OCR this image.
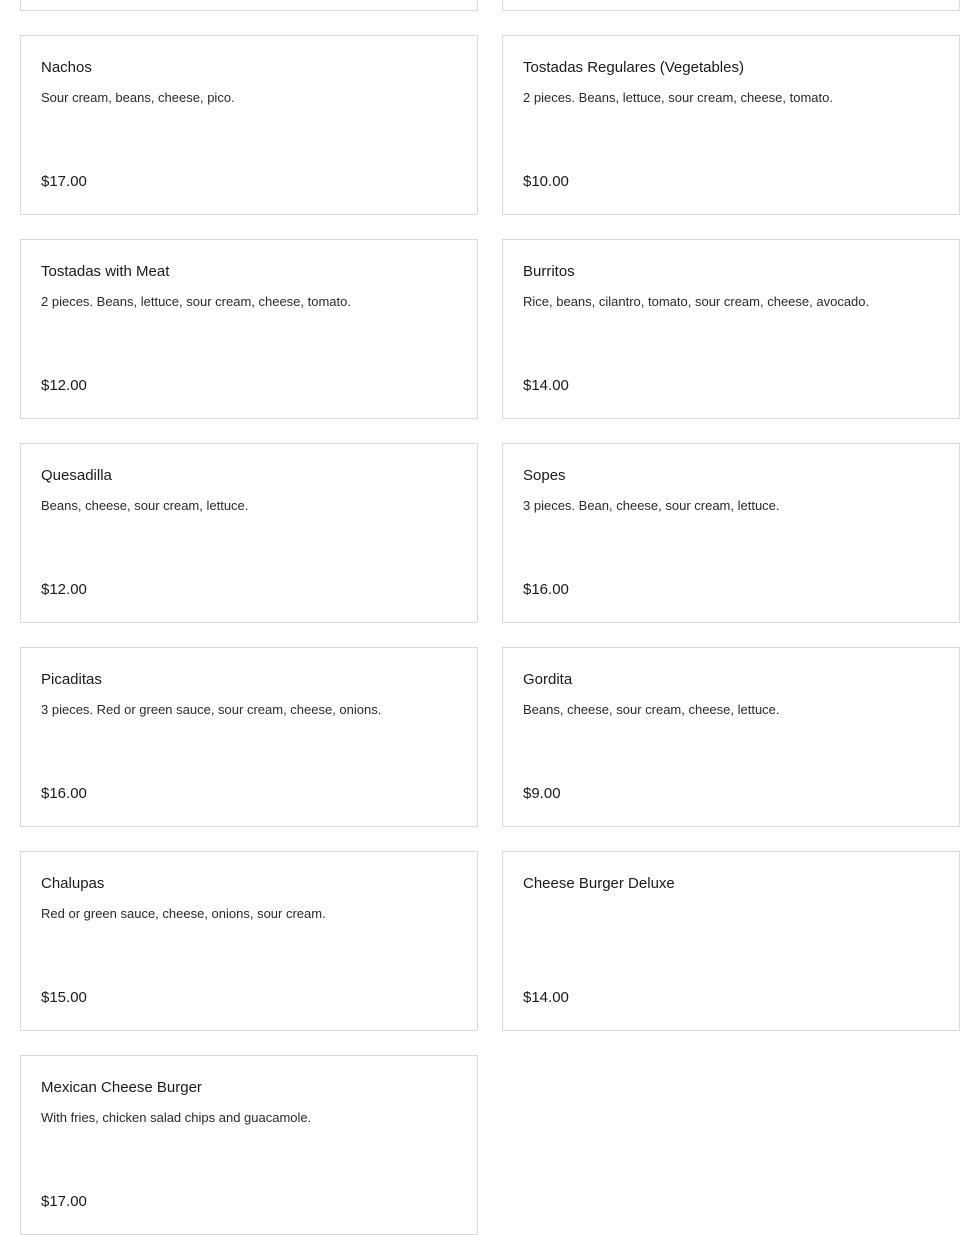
Nachos
Sour cream, beans, cheese, pico.
$17.00
Tostadas Regulares (Vegetables)
2 pieces. Beans, lettuce, sour cream, cheese, tomato.
$10.00
Tostadas with Meat
2 pieces. Beans, lettuce, sour cream, cheese, tomato.
$12.00
Burritos
Rice, beans, cilantro, tomato, sour cream, cheese, avocado.
$14.00
Quesadilla
Beans, cheese, sour cream, lettuce.
$12.00
Sopes
3 pieces. Bean, cheese, sour cream, lettuce.
$16.00
Picaditas
3 pieces. Red or green sauce, sour cream, cheese, onions.
$16.00
Gordita
Beans, cheese, sour cream, cheese, lettuce.
$9.00
Chalupas
Red or green sauce, cheese, onions, sour cream.
$15.00
Cheese Burger Deluxe
$14.00
Mexican Cheese Burger
With fries, chicken salad chips and guacamole.
$17.00
